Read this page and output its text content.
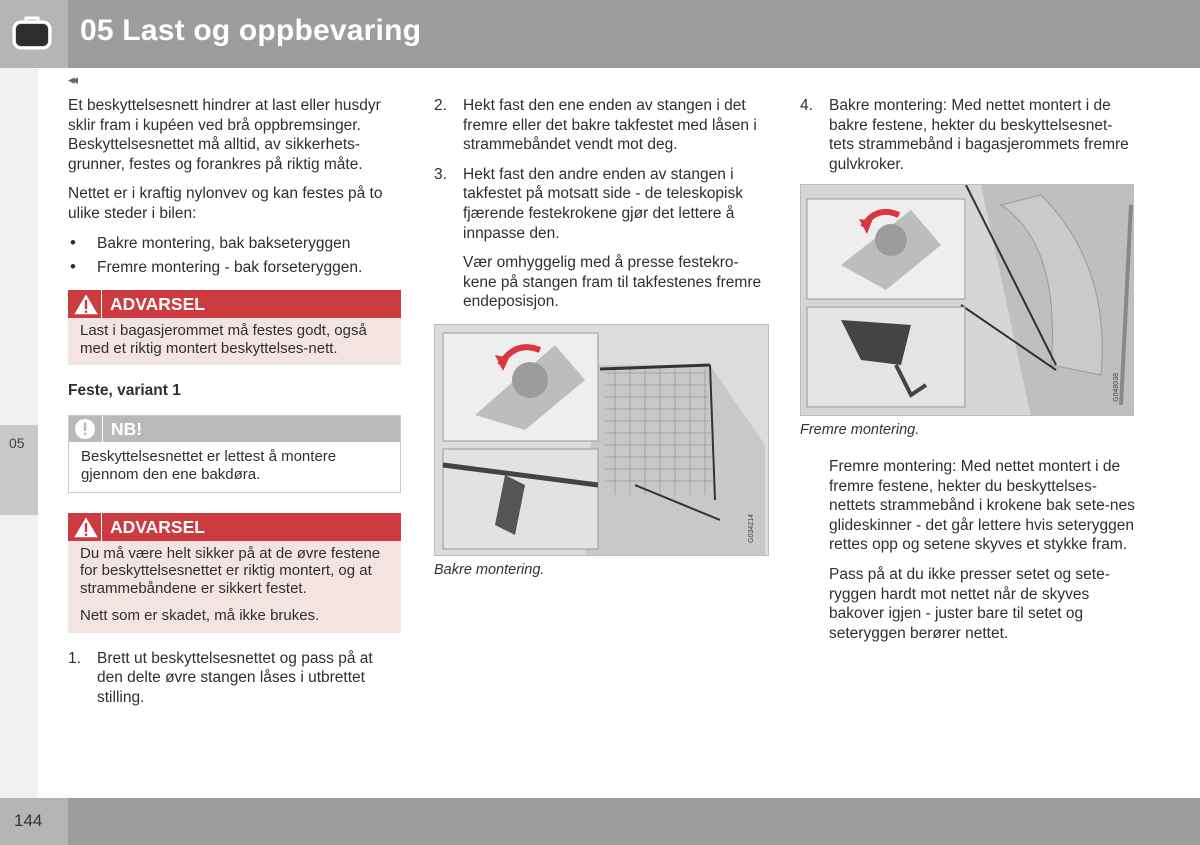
05 Last og oppbevaring
05
◂◂

Et beskyttelsesnett hindrer at last eller husdyr sklir fram i kupéen ved brå oppbremsinger. Beskyttelsesnettet må alltid, av sikkerhets-grunner, festes og forankres på riktig måte.

Nettet er i kraftig nylonvev og kan festes på to ulike steder i bilen:

• Bakre montering, bak bakseteryggen
• Fremre montering - bak forseteryggen.
ADVARSEL

Last i bagasjerommet må festes godt, også med et riktig montert beskyttelses-nett.

Feste, variant 1
NB!
Beskyttelsesnettet er lettest å montere gjennom den ene bakdøra.
ADVARSEL

Du må være helt sikker på at de øvre festene for beskyttelsesnettet er riktig montert, og at strammebåndene er sikkert festet.

Nett som er skadet, må ikke brukes.

1. Brett ut beskyttelsesnettet og pass på at den delte øvre stangen låses i utbrettet stilling.
2. Hekt fast den ene enden av stangen i det fremre eller det bakre takfestet med låsen i strammebåndet vendt mot deg.
3. Hekt fast den andre enden av stangen i takfestet på motsatt side - de teleskopisk fjærende festekrokene gjør det lettere å innpasse den.

Vær omhyggelig med å presse festekro-kene på stangen fram til takfestenes fremre endeposisjon.

G034214
Bakre montering.
4. Bakre montering: Med nettet montert i de bakre festene, hekter du beskyttelsesnet-tets strammebånd i bagasjerommets fremre gulvkroker.
G048038
Fremre montering.

Fremre montering: Med nettet montert i de fremre festene, hekter du beskyttelses-nettets strammebånd i krokene bak sete-nes glideskinner - det går lettere hvis seteryggen rettes opp og setene skyves et stykke fram.

Pass på at du ikke presser setet og sete-ryggen hardt mot nettet når de skyves bakover igjen - juster bare til setet og seteryggen berører nettet.

144
